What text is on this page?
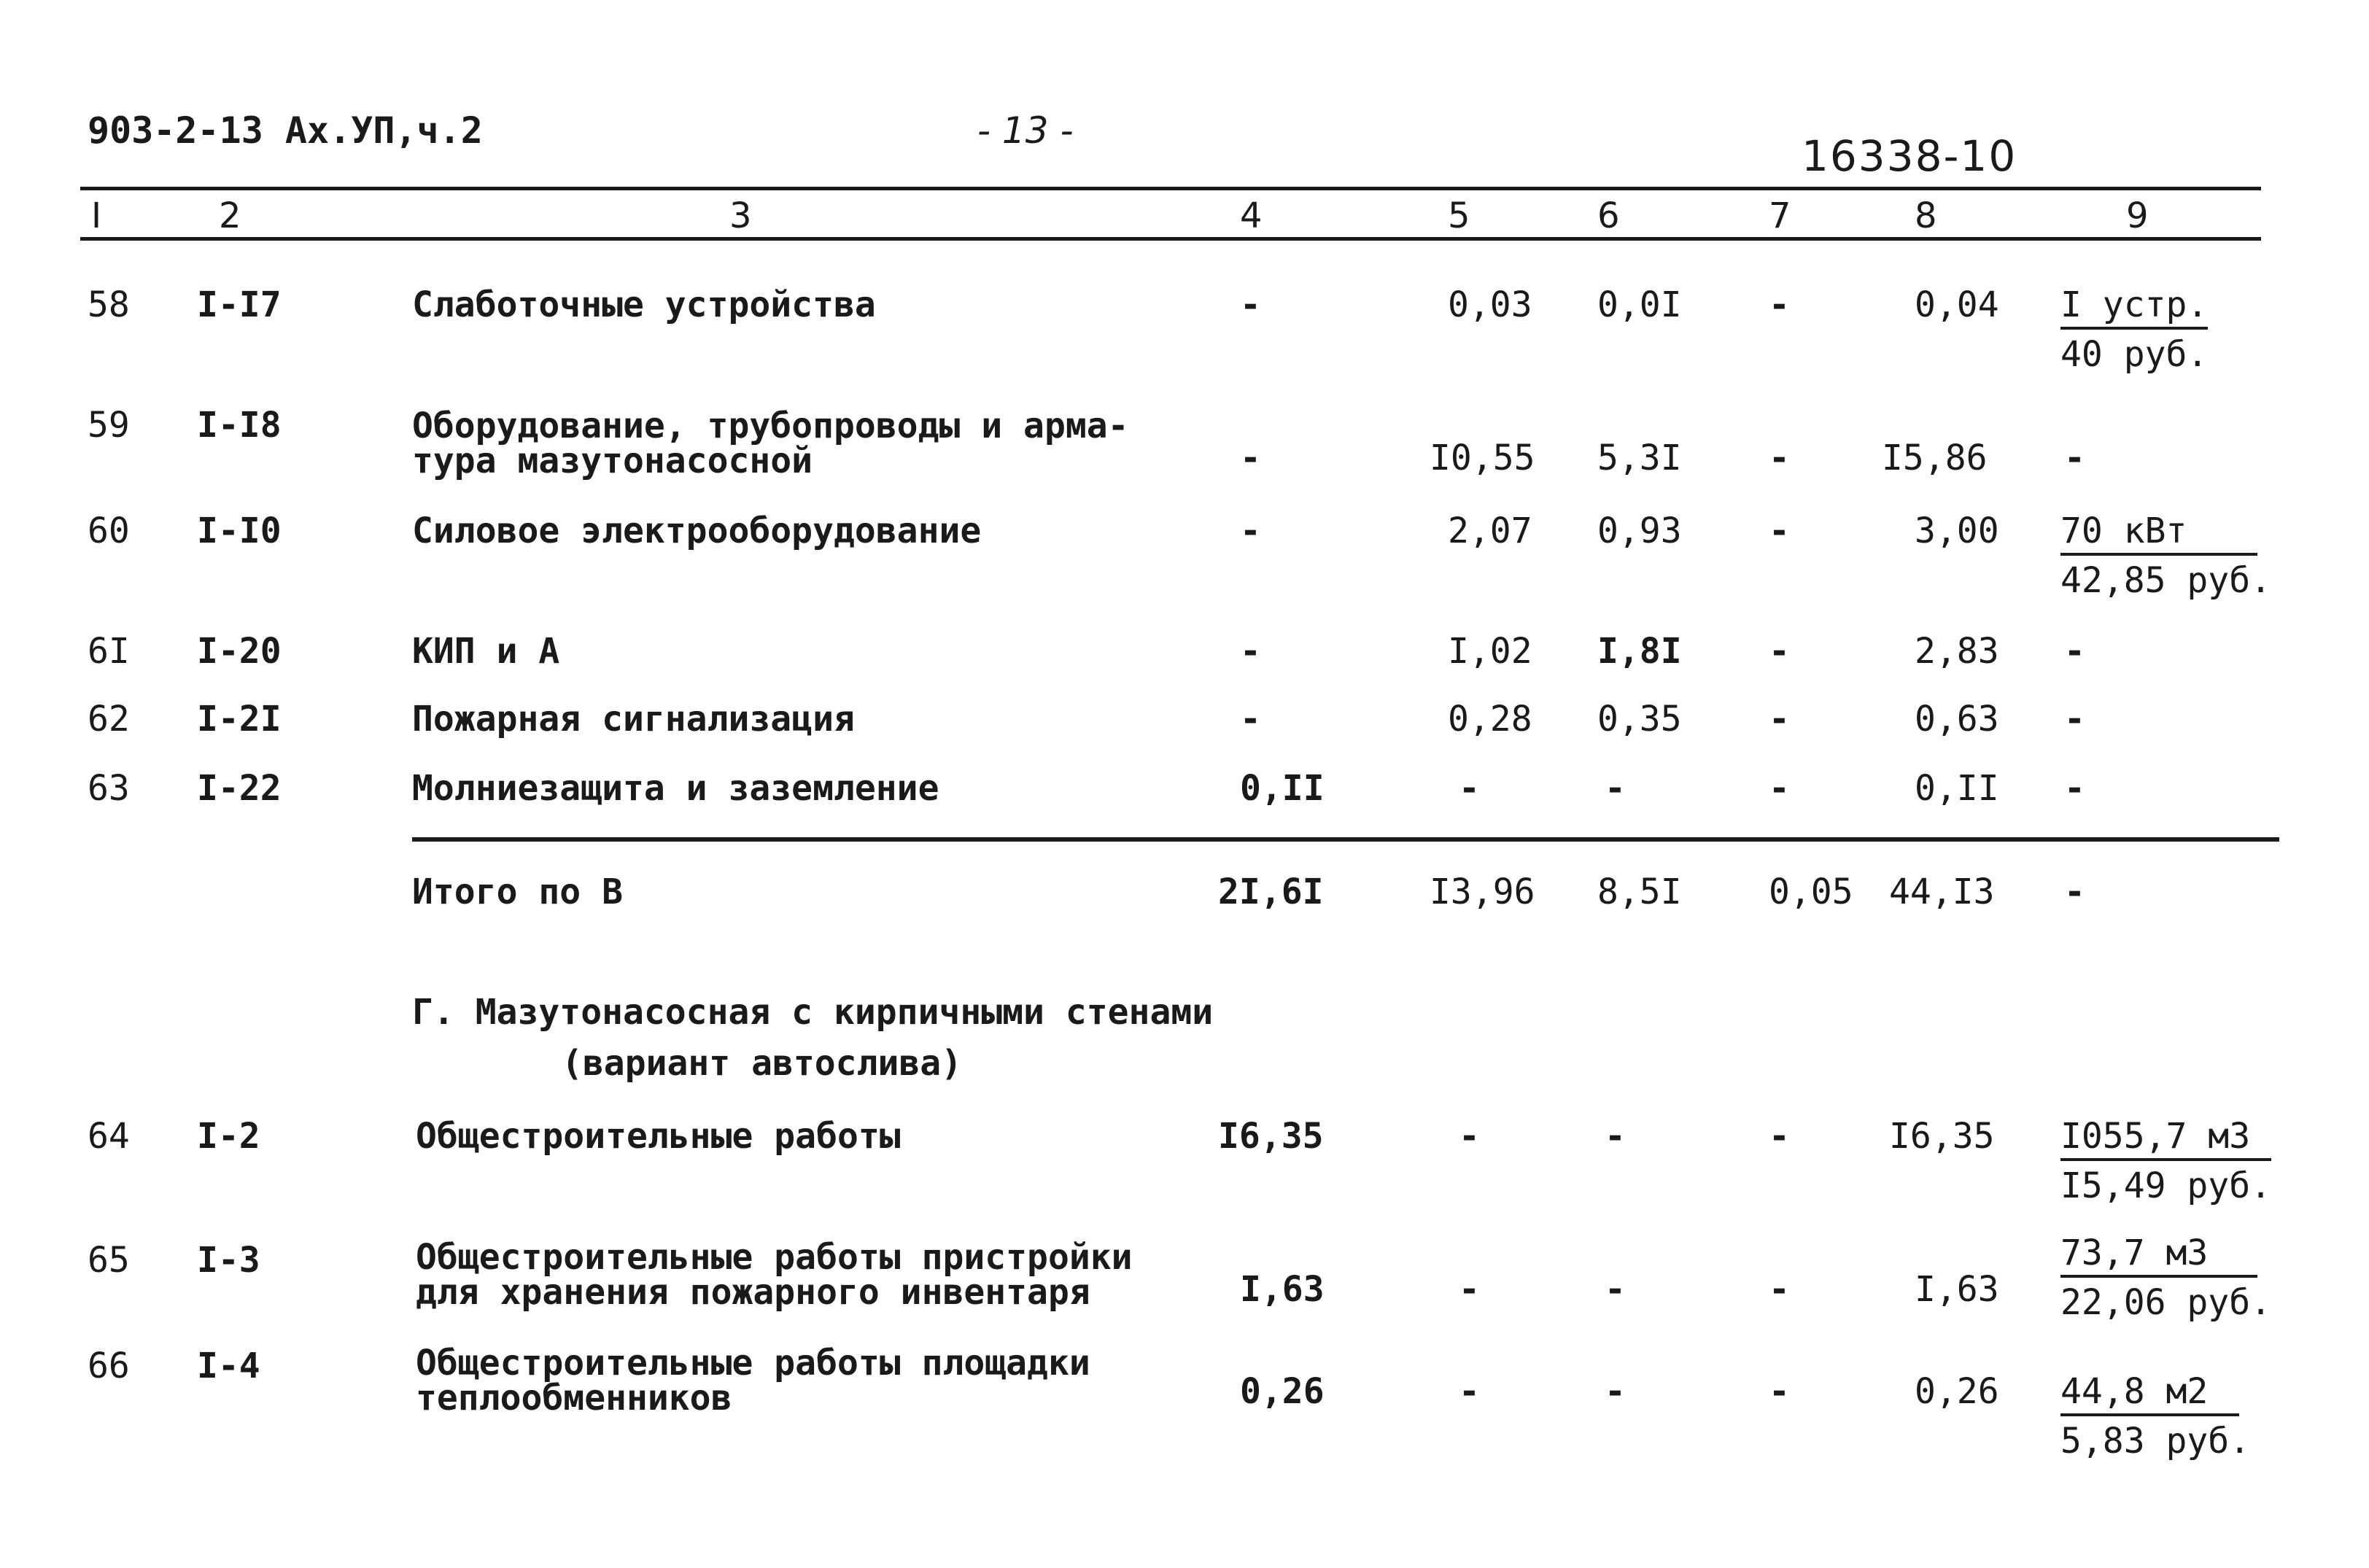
903-2-13 Ах.УП,ч.2	- 13 -
16338-10
I	2	3	4	5	6	7	8	9
58 I-I7	Слаботочные устройства	-	0,03 0,0I -	0,04 I устр.
40 руб.
59 I-I8	Оборудование, трубопроводы и арма-
тура мазутонасосной	-	I0,55 5,3I -	I5,86 -
60 I-I0	Силовое электрооборудование	-	2,07 0,93 -	3,00 70 кВт
42,85 руб.
6I I-20	КИП и А	-	I,02 I,8I -	2,83 -
62 I-2I	Пожарная сигнализация	-	0,28 0,35 -	0,63 -
63 I-22	Молниезащита и заземление	0,II	-	-	-	0,II -
Итого по В	2I,6I	I3,96 8,5I 0,05 44,I3 -
Г. Мазутонасосная с кирпичными стенами
(вариант автослива)
64 I-2	Общестроительные работы	I6,35	-	-	-	I6,35 I055,7 м3
I5,49 руб.
65 I-3	Общестроительные работы пристройки
для хранения пожарного инвентаря	I,63	-	-	-	I,63
73,7 м3
22,06 руб.
66 I-4	Общестроительные работы площадки
теплообменников	0,26	-	-	-	0,26 44,8 м2
5,83 руб.
